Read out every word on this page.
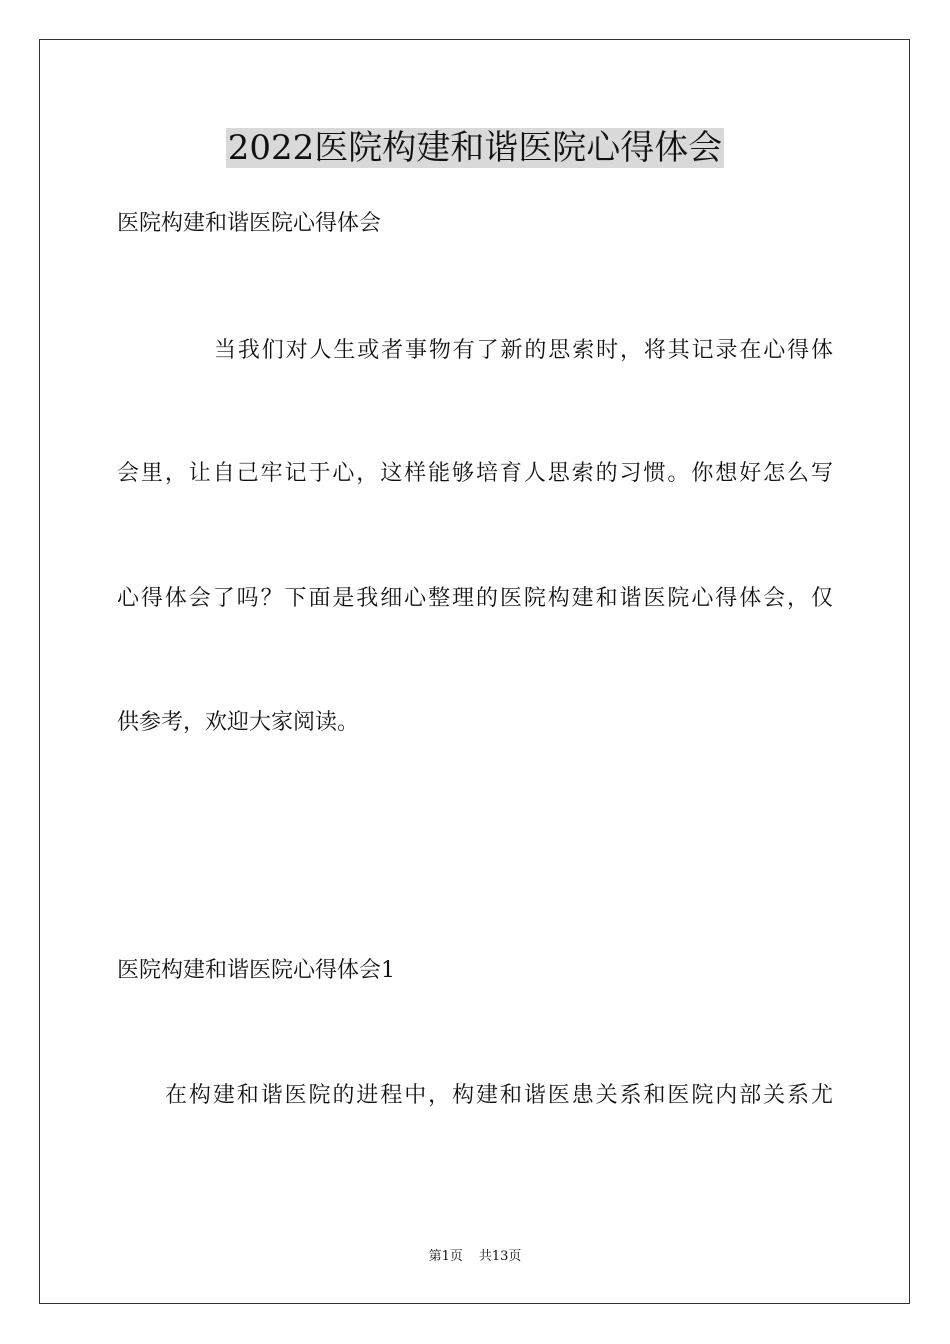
2022医院构建和谐医院心得体会
医院构建和谐医院心得体会
当我们对人生或者事物有了新的思索时，将其记录在心得体
会里，让自己牢记于心，这样能够培育人思索的习惯。你想好怎么写
心得体会了吗？下面是我细心整理的医院构建和谐医院心得体会，仅
供参考，欢迎大家阅读。
医院构建和谐医院心得体会1
在构建和谐医院的进程中，构建和谐医患关系和医院内部关系尤
第1页 共13页
